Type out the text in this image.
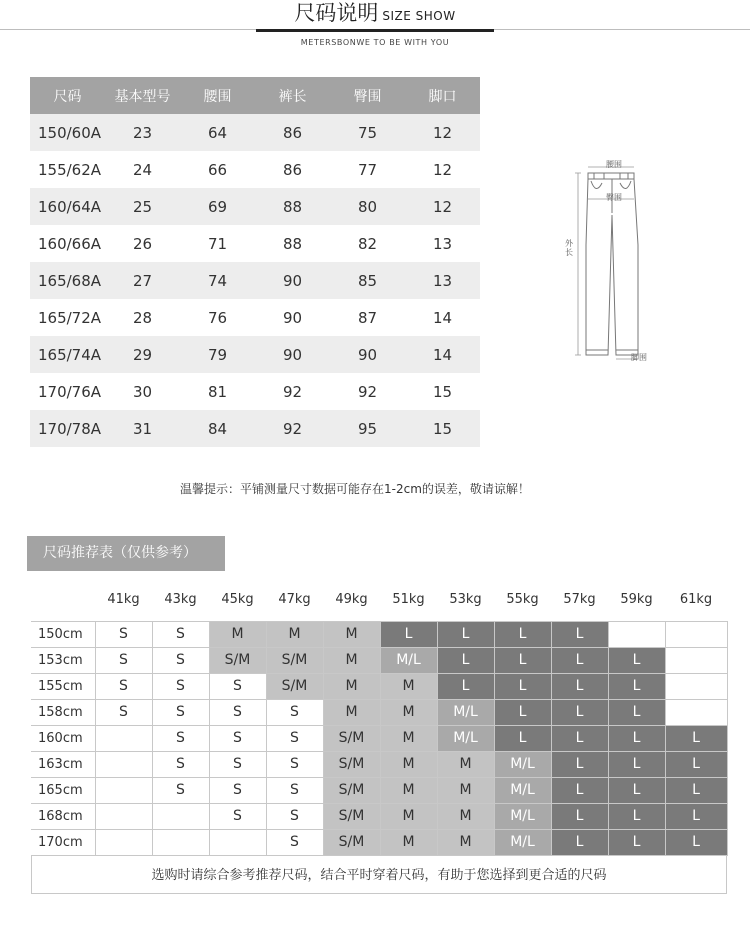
尺码说明 SIZE SHOW
METERSBONWE TO BE WITH YOU
尺码	基本型号	腰围	裤长	臀围	脚口
150/60A	23	64	86	75	12
155/62A	24	66	86	77	12
160/64A	25	69	88	80	12
160/66A	26	71	88	82	13
165/68A	27	74	90	85	13
165/72A	28	76	90	87	14
165/74A	29	79	90	90	14
170/76A	30	81	92	92	15
170/78A	31	84	92	95	15
腰围
臀围
外长
脚围
温馨提示：平铺测量尺寸数据可能存在1-2cm的误差，敬请谅解！
尺码推荐表（仅供参考）
	41kg	43kg	45kg	47kg	49kg	51kg	53kg	55kg	57kg	59kg	61kg
150cm	S	S	M	M	M	L	L	L	L		
153cm	S	S	S/M	S/M	M	M/L	L	L	L	L	
155cm	S	S	S	S/M	M	M	L	L	L	L	
158cm	S	S	S	S	M	M	M/L	L	L	L	
160cm		S	S	S	S/M	M	M/L	L	L	L	L
163cm		S	S	S	S/M	M	M	M/L	L	L	L
165cm		S	S	S	S/M	M	M	M/L	L	L	L
168cm			S	S	S/M	M	M	M/L	L	L	L
170cm				S	S/M	M	M	M/L	L	L	L
选购时请综合参考推荐尺码，结合平时穿着尺码，有助于您选择到更合适的尺码
